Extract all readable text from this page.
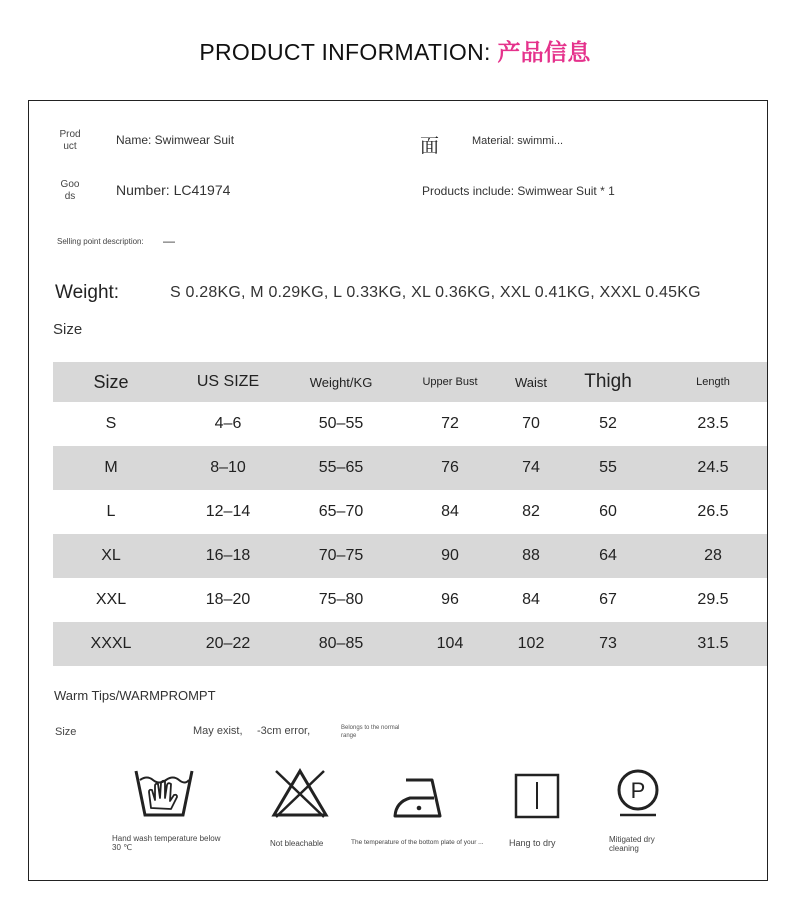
PRODUCT INFORMATION: 产品信息
Prod uct	Name: Swimwear Suit	面	Material: swimmi...
Goo ds	Number: LC41974	Products include: Swimwear Suit * 1
Selling point description: —
Weight:	S 0.28KG, M 0.29KG, L 0.33KG, XL 0.36KG, XXL 0.41KG, XXXL 0.45KG
Size
Size	US SIZE	Weight/KG	Upper Bust	Waist	Thigh	Length
S	4–6	50–55	72	70	52	23.5
M	8–10	55–65	76	74	55	24.5
L	12–14	65–70	84	82	60	26.5
XL	16–18	70–75	90	88	64	28
XXL	18–20	75–80	96	84	67	29.5
XXXL	20–22	80–85	104	102	73	31.5
Warm Tips/WARMPROMPT
Size	May exist, -3cm error,	Belongs to the normal range
P
Hand wash temperature below 30 ℃	Not bleachable	The temperature of the bottom plate of your ...	Hang to dry	Mitigated dry cleaning
